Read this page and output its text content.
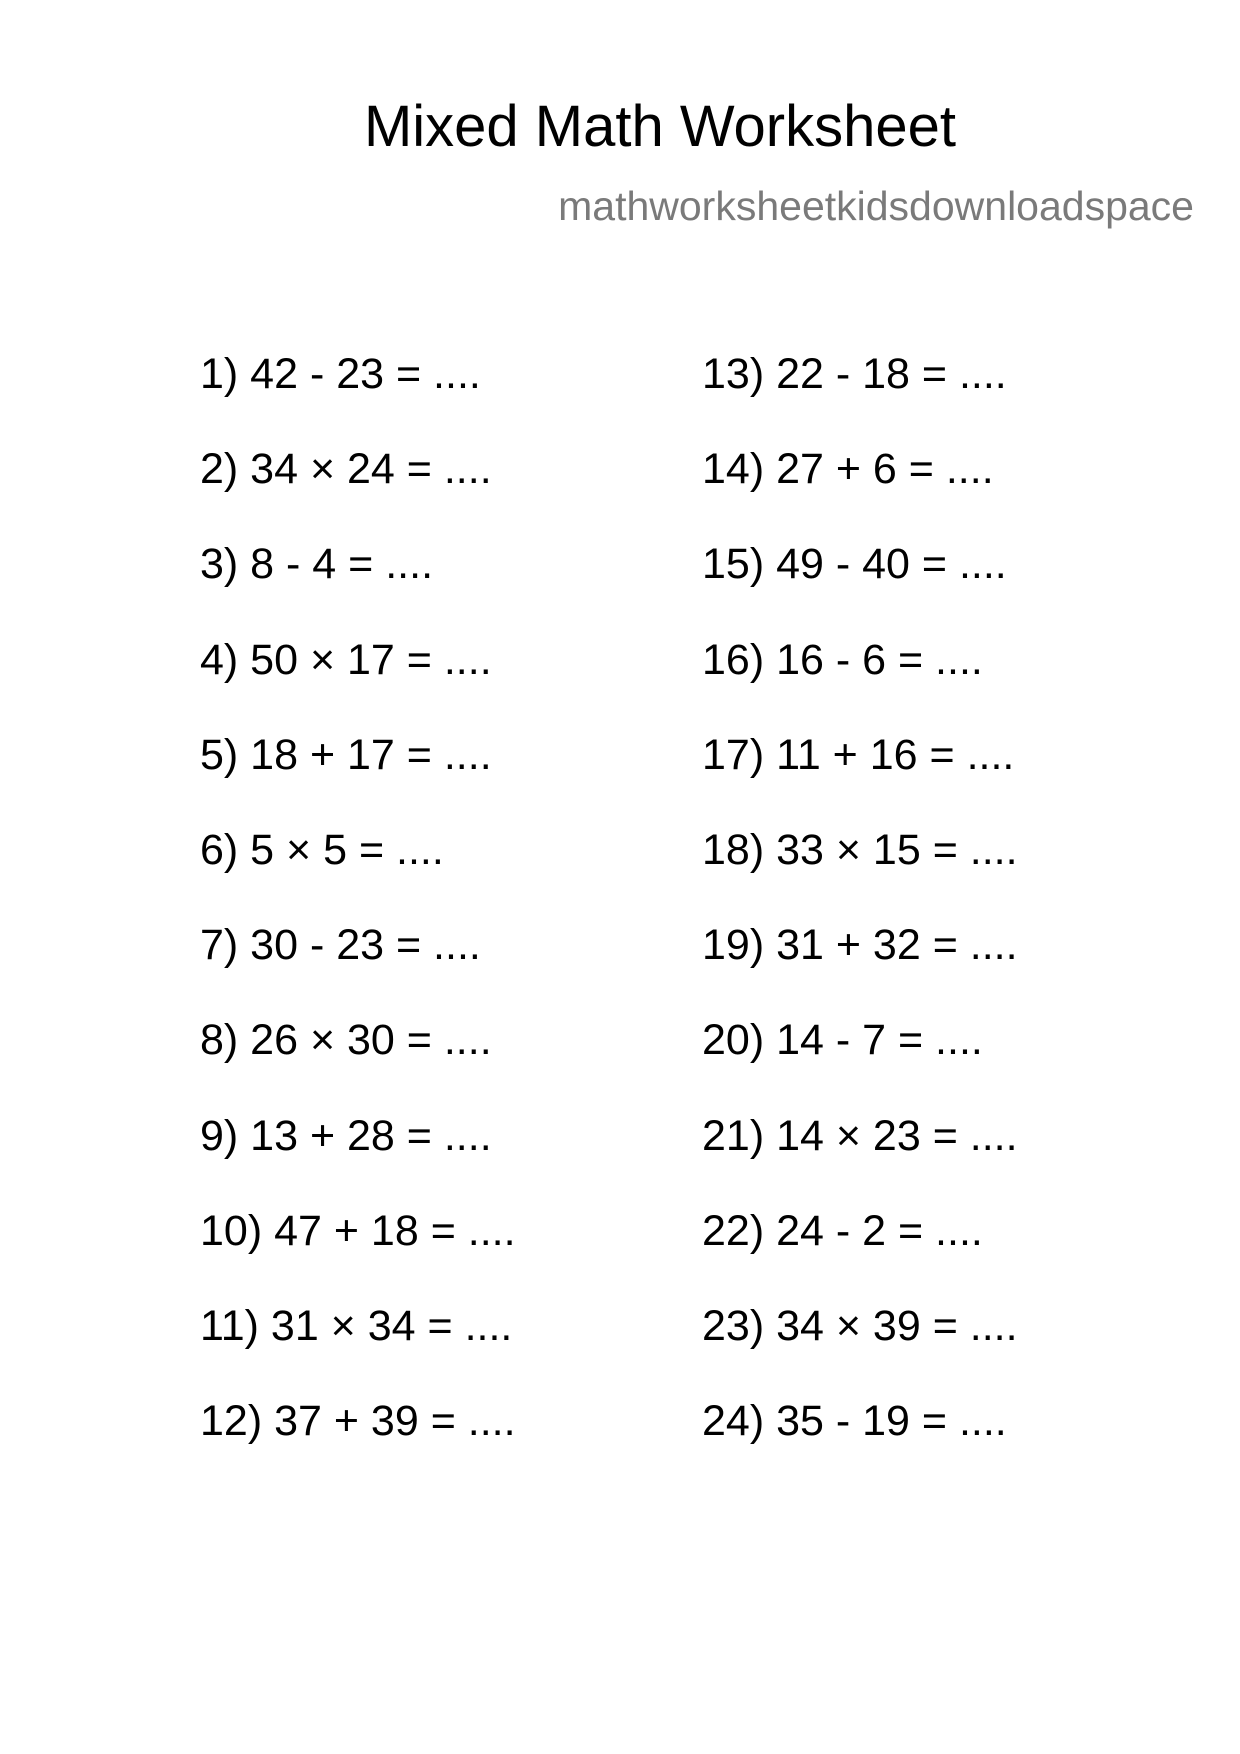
Mixed Math Worksheet
mathworksheetkidsdownloadspace
1) 42 - 23 = ....
2) 34 × 24 = ....
3) 8 - 4 = ....
4) 50 × 17 = ....
5) 18 + 17 = ....
6) 5 × 5 = ....
7) 30 - 23 = ....
8) 26 × 30 = ....
9) 13 + 28 = ....
10) 47 + 18 = ....
11) 31 × 34 = ....
12) 37 + 39 = ....
13) 22 - 18 = ....
14) 27 + 6 = ....
15) 49 - 40 = ....
16) 16 - 6 = ....
17) 11 + 16 = ....
18) 33 × 15 = ....
19) 31 + 32 = ....
20) 14 - 7 = ....
21) 14 × 23 = ....
22) 24 - 2 = ....
23) 34 × 39 = ....
24) 35 - 19 = ....
